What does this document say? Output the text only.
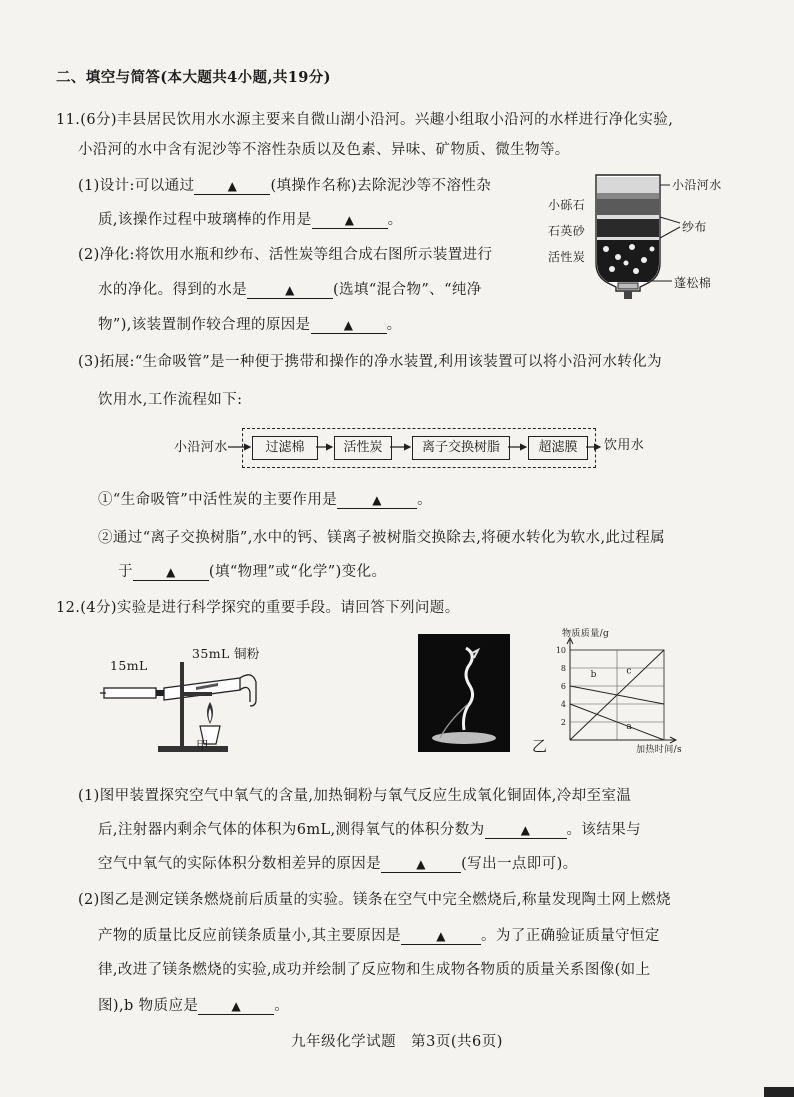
二、填空与简答(本大题共4小题,共19分)
11.(6分)丰县居民饮用水水源主要来自微山湖小沿河。兴趣小组取小沿河的水样进行净化实验,
小沿河的水中含有泥沙等不溶性杂质以及色素、异味、矿物质、微生物等。
(1)设计:可以通过	▲ (填操作名称)去除泥沙等不溶性杂
质,该操作过程中玻璃棒的作用是	▲ 。
(2)净化:将饮用水瓶和纱布、活性炭等组合成右图所示装置进行
水的净化。得到的水是	▲	(选填“混合物”、“纯净
物”),该装置制作较合理的原因是	▲ 。
小沿河水
小砾石
石英砂	纱布
活性炭
蓬松棉
(3)拓展:“生命吸管”是一种便于携带和操作的净水装置,利用该装置可以将小沿河水转化为
饮用水,工作流程如下:
小沿河水	过滤棉	活性炭	离子交换树脂	超滤膜	饮用水
①“生命吸管”中活性炭的主要作用是	▲ 。
②通过“离子交换树脂”,水中的钙、镁离子被树脂交换除去,将硬水转化为软水,此过程属
于	▲ (填“物理”或“化学”)变化。
12.(4分)实验是进行科学探究的重要手段。请回答下列问题。
15mL
35mL 铜粉
甲
10
8
6
4
2	a
b	c
物质质量/g
加热时间/s
乙
(1)图甲装置探究空气中氧气的含量,加热铜粉与氧气反应生成氧化铜固体,冷却至室温
后,注射器内剩余气体的体积为6mL,测得氧气的体积分数为	▲ 。该结果与
空气中氧气的实际体积分数相差异的原因是	▲ (写出一点即可)。
(2)图乙是测定镁条燃烧前后质量的实验。镁条在空气中完全燃烧后,称量发现陶土网上燃烧
产物的质量比反应前镁条质量小,其主要原因是	▲ 。为了正确验证质量守恒定
律,改进了镁条燃烧的实验,成功并绘制了反应物和生成物各物质的质量关系图像(如上
图),b 物质应是	▲ 。
九年级化学试题　第3页(共6页)
